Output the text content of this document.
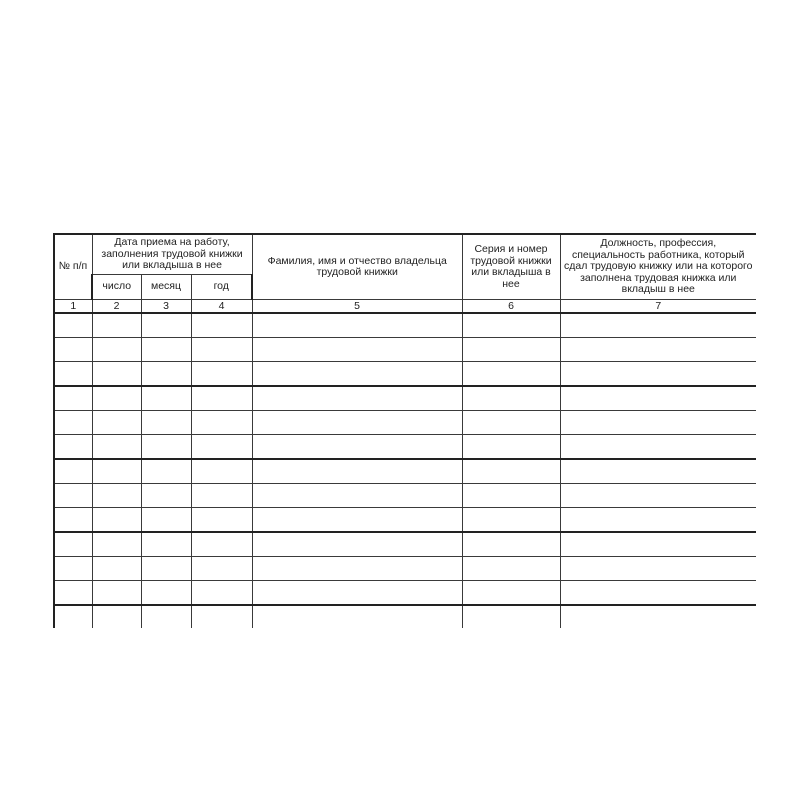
№ п/п	Дата приема на работу, заполнения трудовой книжки или вкладыша в нее			Фамилия, имя и отчество владельца трудовой книжки	Серия и номер трудовой книжки или вкладыша в нее	Должность, профессия, специальность работника, который сдал трудовую книжку или на которого заполнена трудовая книжка или вкладыш в нее
	число	месяц	год			
1	2	3	4	5	6	7
